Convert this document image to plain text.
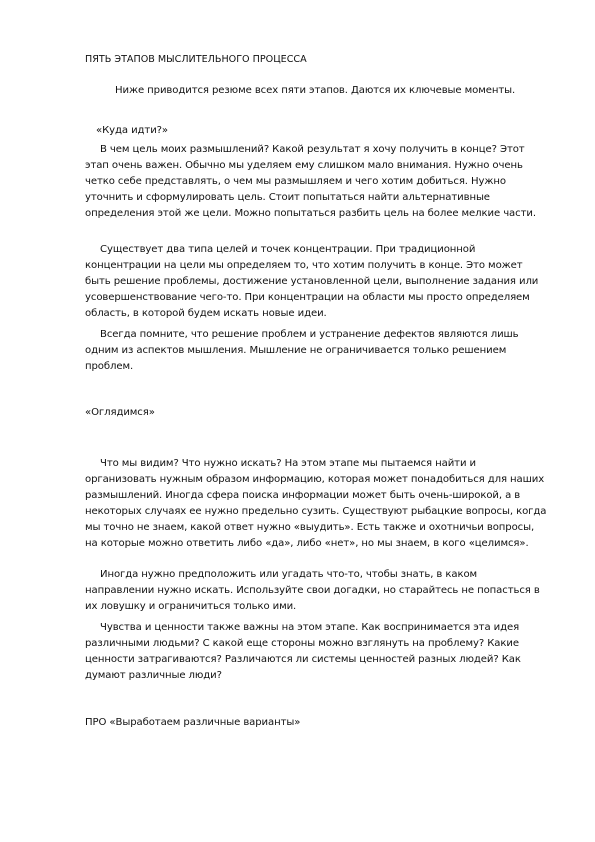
ПЯТЬ ЭТАПОВ МЫСЛИТЕЛЬНОГО ПРОЦЕССА

Ниже приводится резюме всех пяти этапов. Даются их ключевые моменты.

«Куда идти?»

В чем цель моих размышлений? Какой результат я хочу получить в конце? Этот этап очень важен. Обычно мы уделяем ему слишком мало внимания. Нужно очень четко себе представлять, о чем мы размышляем и чего хотим добиться. Нужно уточнить и сформулировать цель. Стоит попытаться найти альтернативные определения этой же цели. Можно попытаться разбить цель на более мелкие части.

Существует два типа целей и точек концентрации. При традиционной концентрации на цели мы определяем то, что хотим получить в конце. Это может быть решение проблемы, достижение установленной цели, выполнение задания или усовершенствование чего-то. При концентрации на области мы просто определяем область, в которой будем искать новые идеи.

Всегда помните, что решение проблем и устранение дефектов являются лишь одним из аспектов мышления. Мышление не ограничивается только решением проблем.

«Оглядимся»

Что мы видим? Что нужно искать? На этом этапе мы пытаемся найти и организовать нужным образом информацию, которая может понадобиться для наших размышлений. Иногда сфера поиска информации может быть очень-широкой, а в некоторых случаях ее нужно предельно сузить. Существуют рыбацкие вопросы, когда мы точно не знаем, какой ответ нужно «выудить». Есть также и охотничьи вопросы, на которые можно ответить либо «да», либо «нет», но мы знаем, в кого «целимся».

Иногда нужно предположить или угадать что-то, чтобы знать, в каком направлении нужно искать. Используйте свои догадки, но старайтесь не попасться в их ловушку и ограничиться только ими.

Чувства и ценности также важны на этом этапе. Как воспринимается эта идея различными людьми? С какой еще стороны можно взглянуть на проблему? Какие ценности затрагиваются? Различаются ли системы ценностей разных людей? Как думают различные люди?

ПРО «Выработаем различные варианты»
